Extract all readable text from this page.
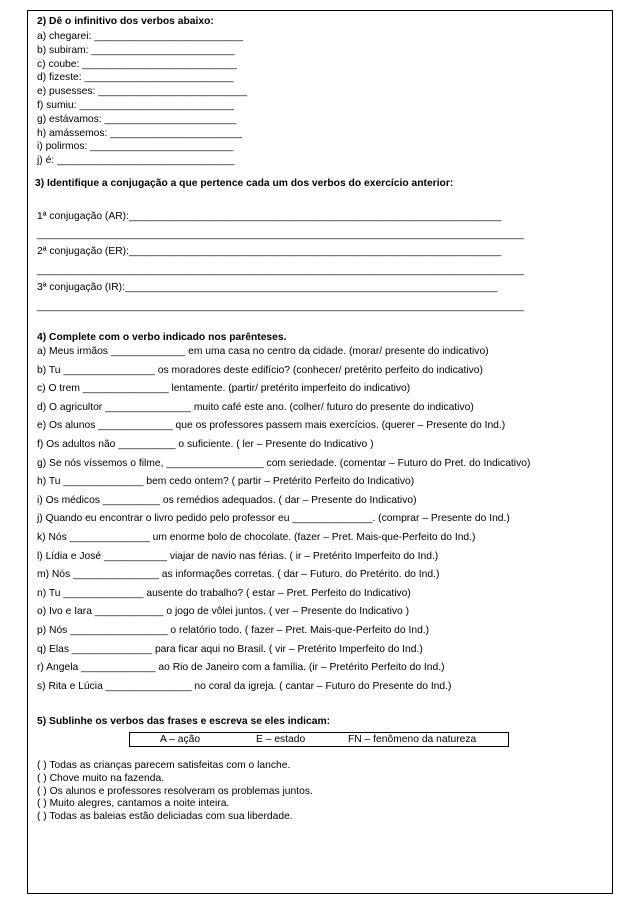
2) Dê o infinitivo dos verbos abaixo:
a) chegarei: __________________________
b) subiram: _________________________
c) coube: ___________________________
d) fizeste: __________________________
e) pusesses: __________________________
f) sumiu: ___________________________
g) estávamos: _______________________
h) amássemos: _______________________
i) polirmos: _________________________
j) é: _______________________________
3) Identifique a conjugação a que pertence cada um dos verbos do exercício anterior:
1ª conjugação (AR):_________________________________________________________________
_____________________________________________________________________________________
2ª conjugação (ER):_________________________________________________________________
_____________________________________________________________________________________
3ª conjugação (IR):_________________________________________________________________
_____________________________________________________________________________________
4) Complete com o verbo indicado nos parênteses.
a) Meus irmãos _____________ em uma casa no centro da cidade. (morar/ presente do indicativo)
b) Tu ________________ os moradores deste edifício? (conhecer/ pretérito perfeito do indicativo)
c) O trem _______________ lentamente. (partir/ pretérito imperfeito do indicativo)
d) O agricultor _______________ muito café este ano. (colher/ futuro do presente do indicativo)
e) Os alunos _____________ que os professores passem mais exercícios. (querer – Presente do Ind.)
f) Os adultos não __________ o suficiente. ( ler – Presente do Indicativo )
g) Se nós víssemos o filme, _________________ com seriedade. (comentar – Futuro do Pret. do Indicativo)
h) Tu ______________ bem cedo ontem? ( partir – Pretérito Perfeito do Indicativo)
i) Os médicos __________ os remédios adequados. ( dar – Presente do Indicativo)
j) Quando eu encontrar o livro pedido pelo professor eu ______________. (comprar – Presente do Ind.)
k) Nós ______________ um enorme bolo de chocolate. (fazer – Pret. Mais-que-Perfeito do Ind.)
l) Lídia e José ___________ viajar de navio nas férias. ( ir – Pretérito Imperfeito do Ind.)
m) Nós _______________ as informações corretas. ( dar – Futuro. do Pretérito. do Ind.)
n) Tu ______________ ausente do trabalho? ( estar – Pret. Perfeito do Indicativo)
o) Ivo e Iara ____________ o jogo de vôlei juntos. ( ver – Presente do Indicativo )
p) Nós _________________ o relatório todo. ( fazer – Pret. Mais-que-Perfeito do Ind.)
q) Elas ______________ para ficar aqui no Brasil. ( vir – Pretérito Imperfeito do Ind.)
r) Angela _____________ ao Rio de Janeiro com a família. (ir – Pretérito Perfeito do Ind.)
s) Rita e Lúcia _______________ no coral da igreja. ( cantar – Futuro do Presente do Ind.)
5) Sublinhe os verbos das frases e escreva se eles indicam:
A – ação	E – estado	FN – fenômeno da natureza
( ) Todas as crianças parecem satisfeitas com o lanche.
( ) Chove muito na fazenda.
( ) Os alunos e professores resolveram os problemas juntos.
( ) Muito alegres, cantamos a noite inteira.
( ) Todas as baleias estão deliciadas com sua liberdade.
